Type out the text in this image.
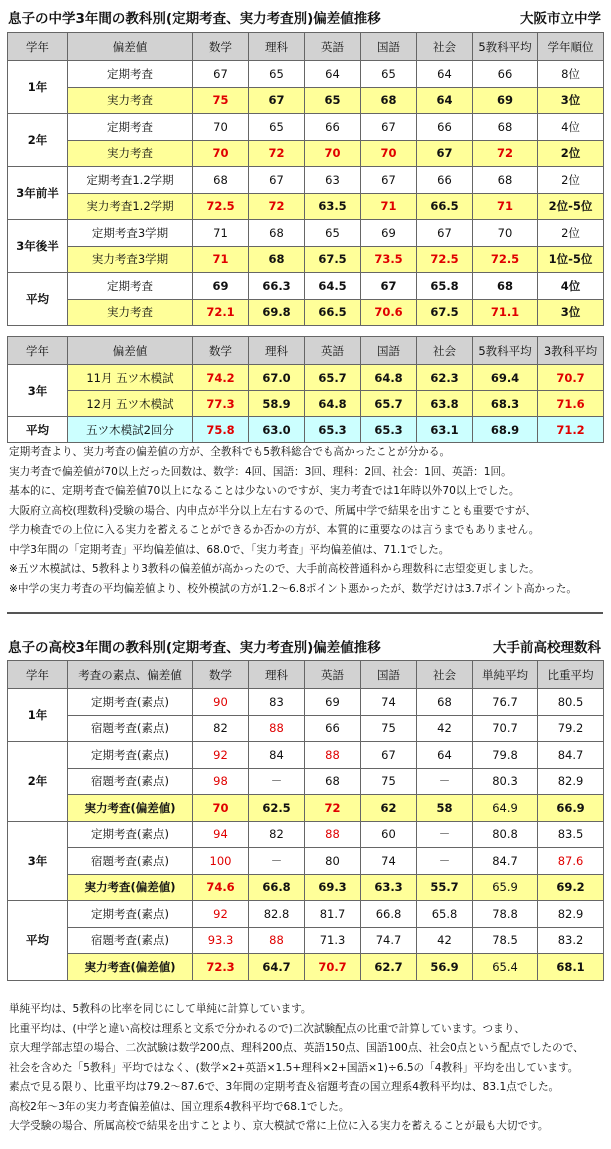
息子の中学3年間の教科別(定期考査、実力考査別)偏差値推移	大阪市立中学
学年	偏差値	数学	理科	英語	国語	社会	5教科平均	学年順位
1年	定期考査	67	65	64	65	64	66	8位
	実力考査	75	67	65	68	64	69	3位
2年	定期考査	70	65	66	67	66	68	4位
	実力考査	70	72	70	70	67	72	2位
3年前半	定期考査1.2学期	68	67	63	67	66	68	2位
	実力考査1.2学期	72.5	72	63.5	71	66.5	71	2位-5位
3年後半	定期考査3学期	71	68	65	69	67	70	2位
	実力考査3学期	71	68	67.5	73.5	72.5	72.5	1位-5位
平均	定期考査	69	66.3	64.5	67	65.8	68	4位
	実力考査	72.1	69.8	66.5	70.6	67.5	71.1	3位
学年	偏差値	数学	理科	英語	国語	社会	5教科平均	3教科平均
3年	11月 五ツ木模試	74.2	67.0	65.7	64.8	62.3	69.4	70.7
	12月 五ツ木模試	77.3	58.9	64.8	65.7	63.8	68.3	71.6
平均	五ツ木模試2回分	75.8	63.0	65.3	65.3	63.1	68.9	71.2

定期考査より、実力考査の偏差値の方が、全教科でも5教科総合でも高かったことが分かる。

実力考査で偏差値が70以上だった回数は、数学：4回、国語：3回、理科：2回、社会：1回、英語：1回。

基本的に、定期考査で偏差値70以上になることは少ないのですが、実力考査では1年時以外70以上でした。

大阪府立高校(理数科)受験の場合、内申点が半分以上左右するので、所属中学で結果を出すことも重要ですが、

学力検査での上位に入る実力を蓄えることができるか否かの方が、本質的に重要なのは言うまでもありません。

中学3年間の「定期考査」平均偏差値は、68.0で、「実力考査」平均偏差値は、71.1でした。

※五ツ木模試は、5教科より3教科の偏差値が高かったので、大手前高校普通科から理数科に志望変更しました。

※中学の実力考査の平均偏差値より、校外模試の方が1.2〜6.8ポイント悪かったが、数学だけは3.7ポイント高かった。

息子の高校3年間の教科別(定期考査、実力考査別)偏差値推移	大手前高校理数科
学年	考査の素点、偏差値	数学	理科	英語	国語	社会	単純平均	比重平均
1年	定期考査(素点)	90	83	69	74	68	76.7	80.5
	宿題考査(素点)	82	88	66	75	42	70.7	79.2
2年	定期考査(素点)	92	84	88	67	64	79.8	84.7
	宿題考査(素点)	98	－	68	75	－	80.3	82.9
	実力考査(偏差値)	70	62.5	72	62	58	64.9	66.9
3年	定期考査(素点)	94	82	88	60	－	80.8	83.5
	宿題考査(素点)	100	－	80	74	－	84.7	87.6
	実力考査(偏差値)	74.6	66.8	69.3	63.3	55.7	65.9	69.2
平均	定期考査(素点)	92	82.8	81.7	66.8	65.8	78.8	82.9
	宿題考査(素点)	93.3	88	71.3	74.7	42	78.5	83.2
	実力考査(偏差値)	72.3	64.7	70.7	62.7	56.9	65.4	68.1

単純平均は、5教科の比率を同じにして単純に計算しています。

比重平均は、(中学と違い高校は理系と文系で分かれるので)二次試験配点の比重で計算しています。つまり、

京大理学部志望の場合、二次試験は数学200点、理科200点、英語150点、国語100点、社会0点という配点でしたので、

社会を含めた「5教科」平均ではなく、(数学×2+英語×1.5+理科×2+国語×1)÷6.5の「4教科」平均を出しています。

素点で見る限り、比重平均は79.2〜87.6で、3年間の定期考査＆宿題考査の国立理系4教科平均は、83.1点でした。

高校2年〜3年の実力考査偏差値は、国立理系4教科平均で68.1でした。

大学受験の場合、所属高校で結果を出すことより、京大模試で常に上位に入る実力を蓄えることが最も大切です。
